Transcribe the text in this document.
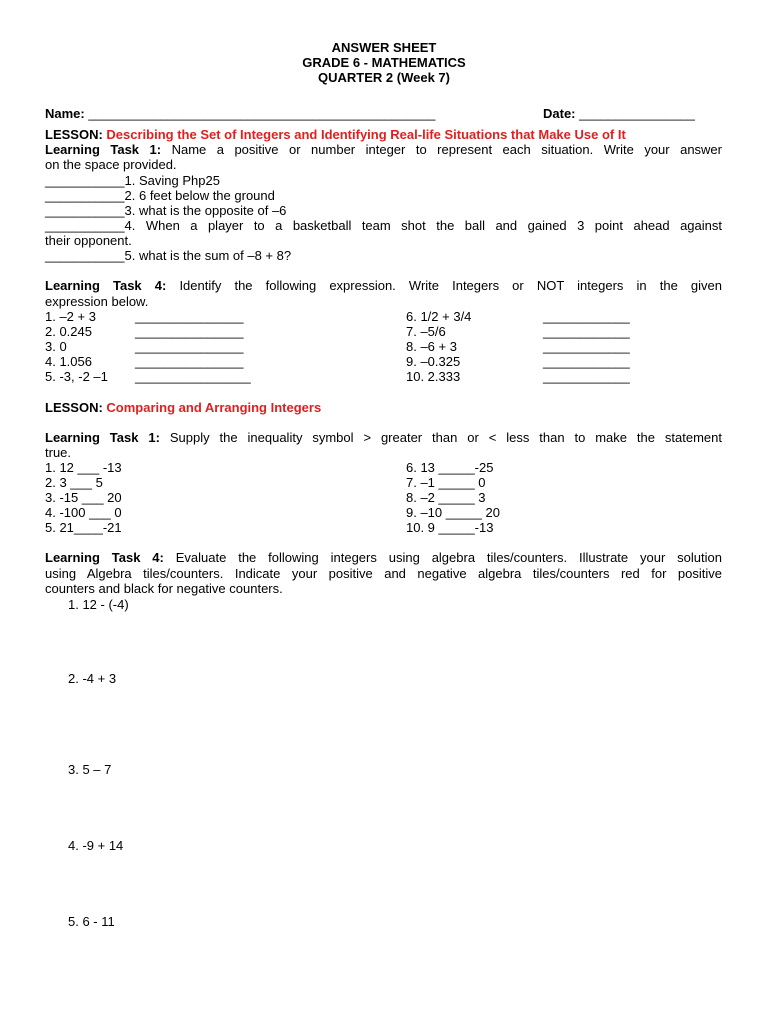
ANSWER SHEET
GRADE 6 - MATHEMATICS
QUARTER 2 (Week 7)
Name: ________________________________________________	Date: ________________
LESSON: Describing the Set of Integers and Identifying Real-life Situations that Make Use of It
Learning Task 1: Name a positive or number integer to represent each situation. Write your answer
on the space provided.
___________1. Saving Php25
___________2. 6 feet below the ground
___________3. what is the opposite of –6
___________4. When a player to a basketball team shot the ball and gained 3 point ahead against
their opponent.
___________5. what is the sum of –8 + 8?
Learning Task 4: Identify the following expression. Write Integers or NOT integers in the given
expression below.
1. –2 + 3
2. 0.245
3. 0
4. 1.056
5. -3, -2 –1
_______________
_______________
_______________
_______________
________________
6. 1/2 + 3/4
7. –5/6
8. –6 + 3
9. –0.325
10. 2.333
____________
____________
____________
____________
____________
LESSON: Comparing and Arranging Integers
Learning Task 1: Supply the inequality symbol > greater than or < less than to make the statement
true.
1. 12 ___ -13
2. 3 ___ 5
3. -15 ___ 20
4. -100 ___ 0
5. 21____-21
6. 13 _____-25
7. –1 _____ 0
8. –2 _____ 3
9. –10 _____ 20
10. 9 _____-13
Learning Task 4: Evaluate the following integers using algebra tiles/counters. Illustrate your solution
using Algebra tiles/counters. Indicate your positive and negative algebra tiles/counters red for positive
counters and black for negative counters.
1. 12 - (-4)
2. -4 + 3
3. 5 – 7
4. -9 + 14
5. 6 - 11
